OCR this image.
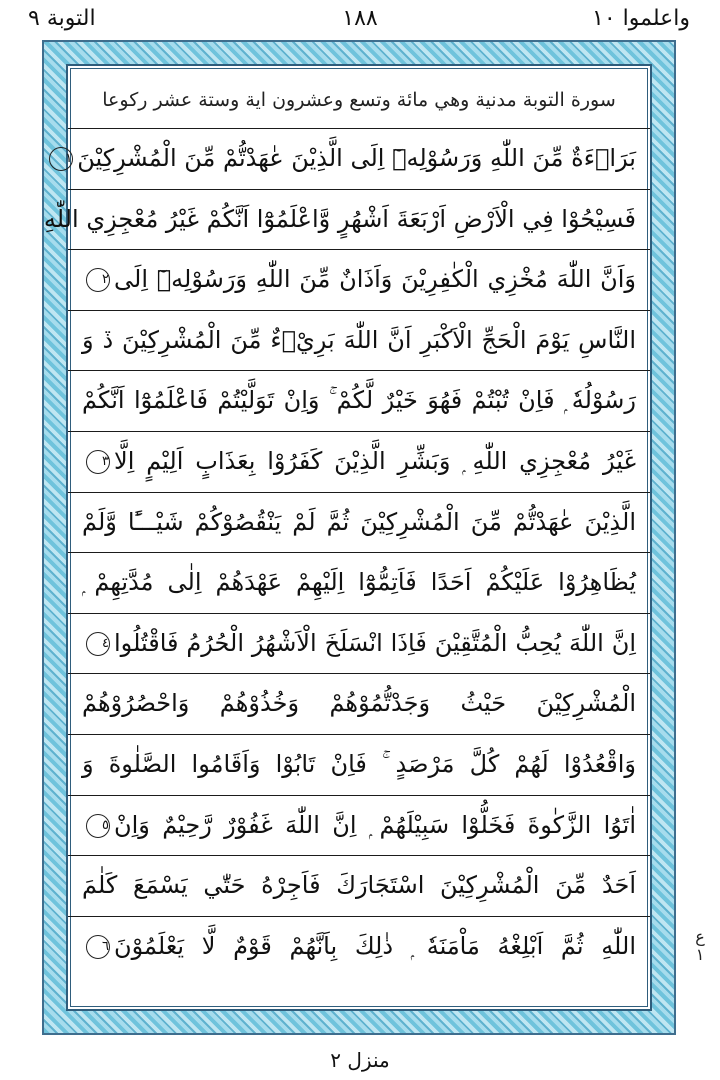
التوبة ٩	١٨٨	واعلموا ١٠
سورة التوبة مدنية وهي مائة وتسع وعشرون اية وستة عشر ركوعا
بَرَاۗءَةٌ مِّنَ اللّٰهِ وَرَسُوْلِهٖٓ اِلَى الَّذِيْنَ عٰهَدْتُّمْ مِّنَ الْمُشْرِكِيْنَ١
فَسِيْحُوْا فِي الْاَرْضِ اَرْبَعَةَ اَشْهُرٍ وَّاعْلَمُوْٓا اَنَّكُمْ غَيْرُ مُعْجِزِي اللّٰهِ
وَاَنَّ اللّٰهَ مُخْزِي الْكٰفِرِيْنَ وَاَذَانٌ مِّنَ اللّٰهِ وَرَسُوْلِهٖٓ اِلَى٢
النَّاسِ يَوْمَ الْحَجِّ الْاَكْبَرِ اَنَّ اللّٰهَ بَرِيْۗءٌ مِّنَ الْمُشْرِكِيْنَ ڏ وَ
رَسُوْلُهٗ ۭ فَاِنْ تُبْتُمْ فَهُوَ خَيْرٌ لَّكُمْ ۚ وَاِنْ تَوَلَّيْتُمْ فَاعْلَمُوْٓا اَنَّكُمْ
غَيْرُ مُعْجِزِي اللّٰهِ ۭ وَبَشِّرِ الَّذِيْنَ كَفَرُوْا بِعَذَابٍ اَلِيْمٍ اِلَّا٣
الَّذِيْنَ عٰهَدْتُّمْ مِّنَ الْمُشْرِكِيْنَ ثُمَّ لَمْ يَنْقُصُوْكُمْ شَيْـــًٔا وَّلَمْ
يُظَاهِرُوْا عَلَيْكُمْ اَحَدًا فَاَتِمُّوْٓا اِلَيْهِمْ عَهْدَهُمْ اِلٰى مُدَّتِهِمْ ۭ
اِنَّ اللّٰهَ يُحِبُّ الْمُتَّقِيْنَ فَاِذَا انْسَلَخَ الْاَشْهُرُ الْحُرُمُ فَاقْتُلُوا٤
الْمُشْرِكِيْنَ حَيْثُ وَجَدْتُّمُوْهُمْ وَخُذُوْهُمْ وَاحْصُرُوْهُمْ
وَاقْعُدُوْا لَهُمْ كُلَّ مَرْصَدٍ ۚ فَاِنْ تَابُوْا وَاَقَامُوا الصَّلٰوةَ وَ
اٰتَوُا الزَّكٰوةَ فَخَلُّوْا سَبِيْلَهُمْ ۭ اِنَّ اللّٰهَ غَفُوْرٌ رَّحِيْمٌ وَاِنْ٥
اَحَدٌ مِّنَ الْمُشْرِكِيْنَ اسْتَجَارَكَ فَاَجِرْهُ حَتّٰي يَسْمَعَ كَلٰمَ
اللّٰهِ ثُمَّ اَبْلِغْهُ مَاْمَنَهٗ ۭ ذٰلِكَ بِاَنَّهُمْ قَوْمٌ لَّا يَعْلَمُوْنَ٦
ع
١
منزل ٢
